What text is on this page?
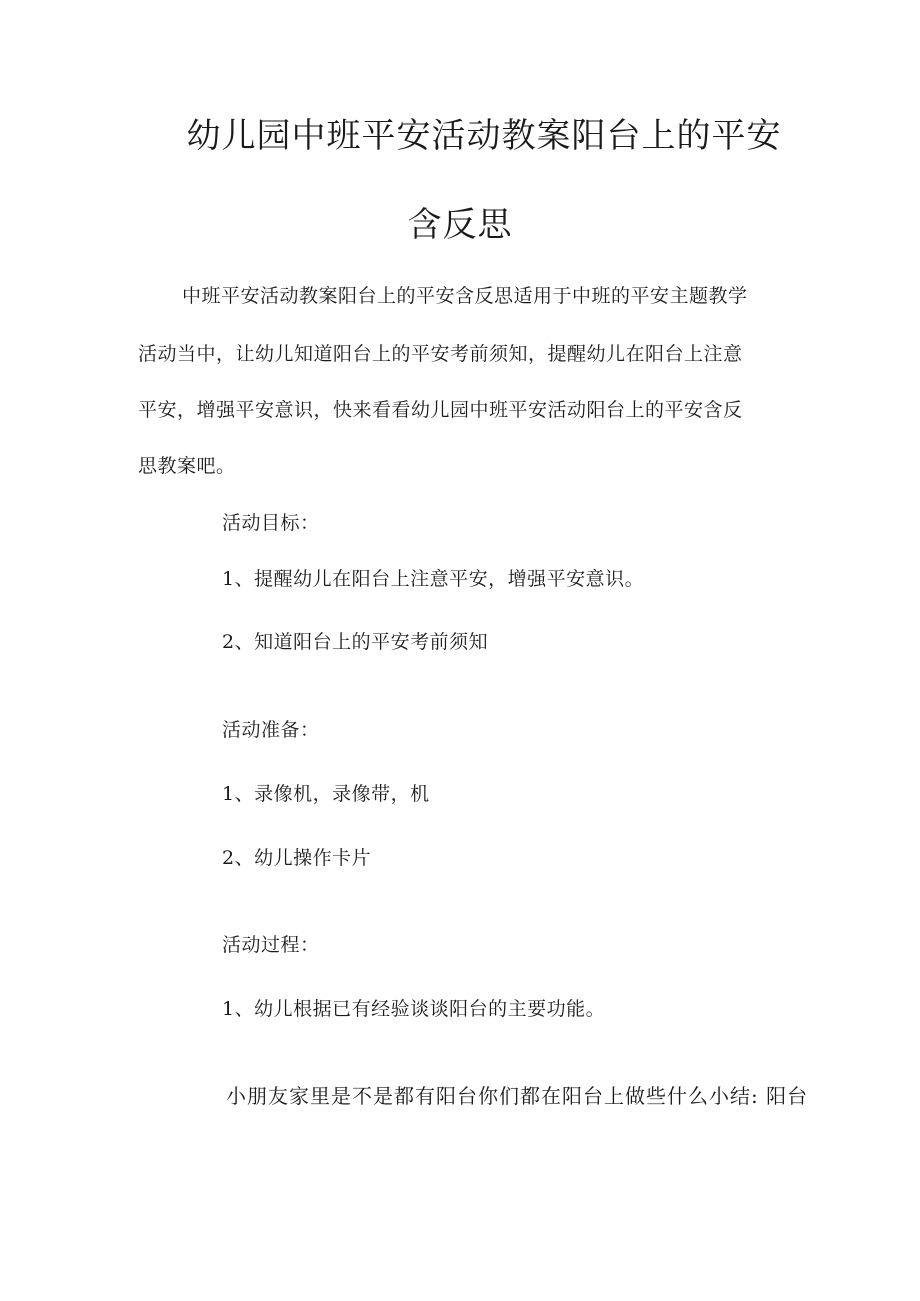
幼儿园中班平安活动教案阳台上的平安
含反思
中班平安活动教案阳台上的平安含反思适用于中班的平安主题教学
活动当中，让幼儿知道阳台上的平安考前须知，提醒幼儿在阳台上注意
平安，增强平安意识，快来看看幼儿园中班平安活动阳台上的平安含反
思教案吧。
活动目标：
1、提醒幼儿在阳台上注意平安，增强平安意识。
2、知道阳台上的平安考前须知
活动准备：
1、录像机，录像带，机
2、幼儿操作卡片
活动过程：
1、幼儿根据已有经验谈谈阳台的主要功能。
小朋友家里是不是都有阳台你们都在阳台上做些什么小结: 阳台
